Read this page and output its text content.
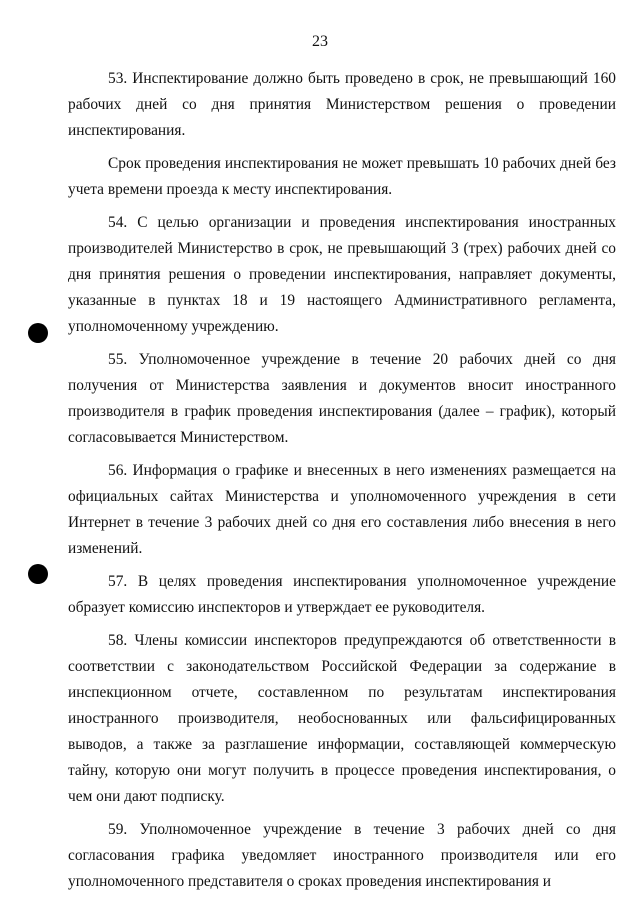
23

53. Инспектирование должно быть проведено в срок, не превышающий 160 рабочих дней со дня принятия Министерством решения о проведении инспектирования.

Срок проведения инспектирования не может превышать 10 рабочих дней без учета времени проезда к месту инспектирования.

54. С целью организации и проведения инспектирования иностранных производителей Министерство в срок, не превышающий 3 (трех) рабочих дней со дня принятия решения о проведении инспектирования, направляет документы, указанные в пунктах 18 и 19 настоящего Административного регламента, уполномоченному учреждению.

55. Уполномоченное учреждение в течение 20 рабочих дней со дня получения от Министерства заявления и документов вносит иностранного производителя в график проведения инспектирования (далее – график), который согласовывается Министерством.

56. Информация о графике и внесенных в него изменениях размещается на официальных сайтах Министерства и уполномоченного учреждения в сети Интернет в течение 3 рабочих дней со дня его составления либо внесения в него изменений.

57. В целях проведения инспектирования уполномоченное учреждение образует комиссию инспекторов и утверждает ее руководителя.

58. Члены комиссии инспекторов предупреждаются об ответственности в соответствии с законодательством Российской Федерации за содержание в инспекционном отчете, составленном по результатам инспектирования иностранного производителя, необоснованных или фальсифицированных выводов, а также за разглашение информации, составляющей коммерческую тайну, которую они могут получить в процессе проведения инспектирования, о чем они дают подписку.

59. Уполномоченное учреждение в течение 3 рабочих дней со дня согласования графика уведомляет иностранного производителя или его уполномоченного представителя о сроках проведения инспектирования и
